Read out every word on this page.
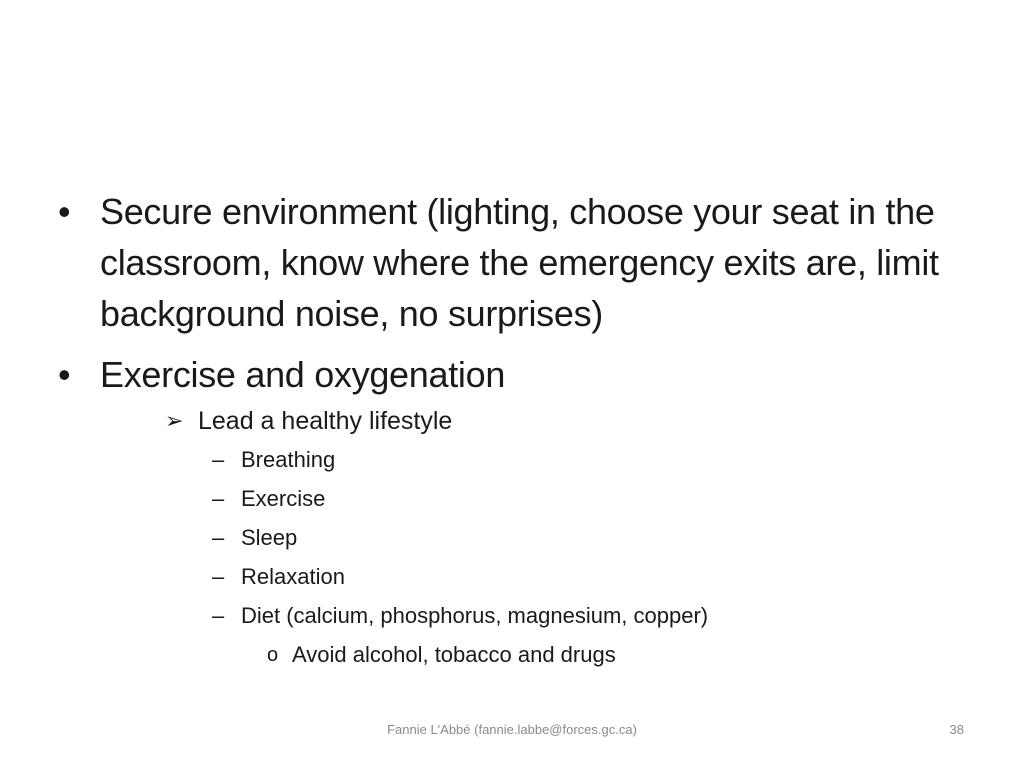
• Secure environment (lighting, choose your seat in the classroom, know where the emergency exits are, limit background noise, no surprises)
• Exercise and oxygenation
➢ Lead a healthy lifestyle
– Breathing
– Exercise
– Sleep
– Relaxation
– Diet (calcium, phosphorus, magnesium, copper)
o Avoid alcohol, tobacco and drugs
Fannie L'Abbé (fannie.labbe@forces.gc.ca)	38
